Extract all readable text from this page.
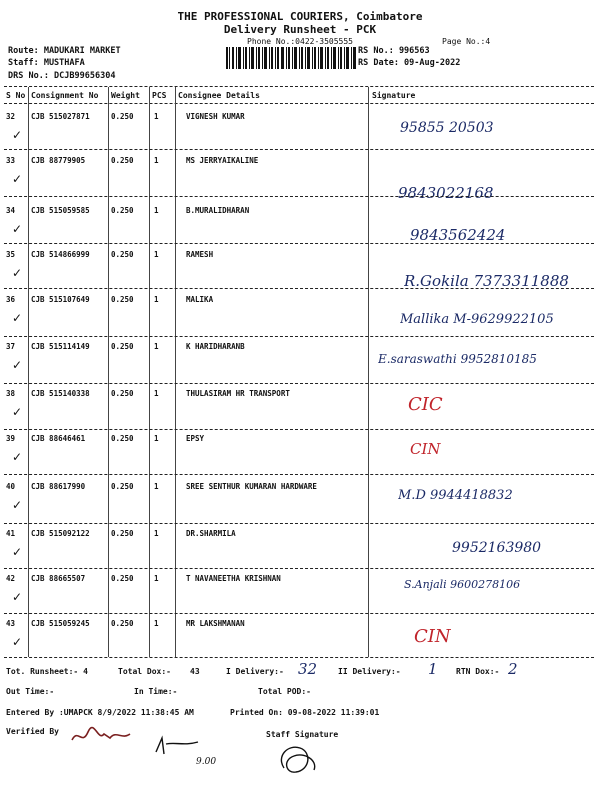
THE PROFESSIONAL COURIERS, Coimbatore
Delivery Runsheet - PCK
Phone No.:0422-3505555	Page No.:4
Route: MADUKARI MARKET
Staff: MUSTHAFA
DRS No.: DCJB99656304
RS No.: 996563
RS Date: 09-Aug-2022
S No Consignment No Weight PCS Consignee Details	Signature
32 CJB 515027871	0.250	1	VIGNESH KUMAR
✓	95855 20503
33 CJB 88779905	0.250	1	MS JERRYAIKALINE
✓
9843022168
34 CJB 515059585	0.250	1	B.MURALIDHARAN
✓	9843562424
35 CJB 514866999	0.250	1	RAMESH
✓	R.Gokila 7373311888
36 CJB 515107649	0.250	1	MALIKA
✓	Mallika M-9629922105
37 CJB 515114149	0.250	1	K HARIDHARANB
✓	E.saraswathi 9952810185
38 CJB 515140338	0.250	1	THULASIRAM HR TRANSPORT
✓	CIC
39 CJB 88646461	0.250	1	EPSY
✓	CIN
40 CJB 88617990	0.250	1	SREE SENTHUR KUMARAN HARDWARE
✓
M.D 9944418832
41 CJB 515092122	0.250	1	DR.SHARMILA
✓	9952163980
42 CJB 88665507	0.250	1	T NAVANEETHA KRISHNAN
✓
S.Anjali 9600278106
43 CJB 515059245	0.250	1	MR LAKSHMANAN
✓	CIN
Tot. Runsheet:- 4	Total Dox:- 43	I Delivery:- 32	II Delivery:- 1 RTN Dox:- 2
Out Time:-	In Time:-	Total POD:-
Entered By :UMAPCK 8/9/2022 11:38:45 AM	Printed On: 09-08-2022 11:39:01
Verified By	Staff Signature
9.00
